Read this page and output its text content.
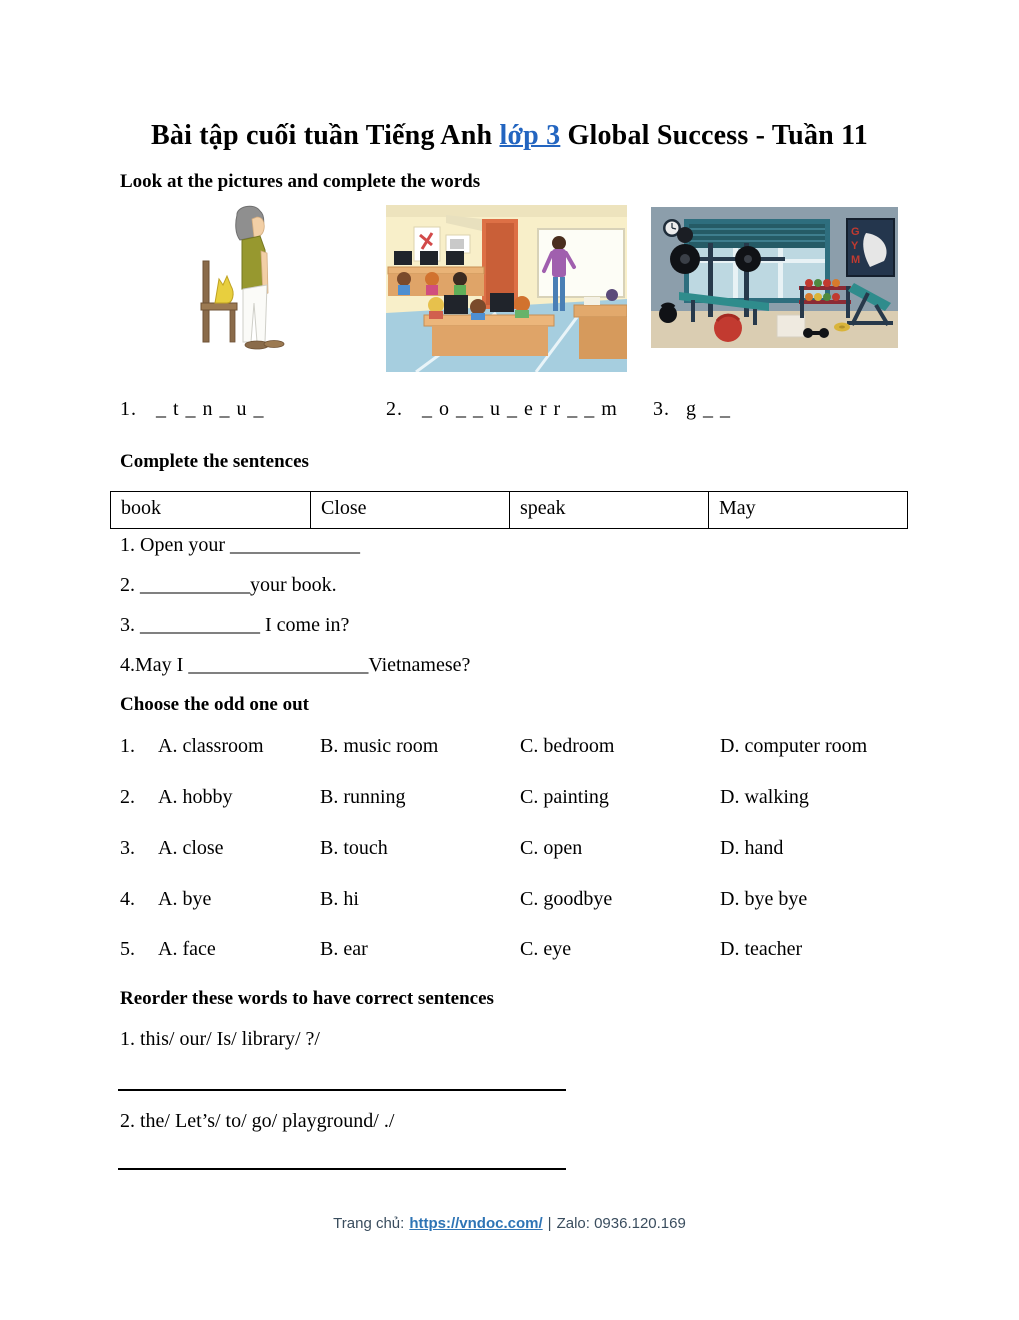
Bài tập cuối tuần Tiếng Anh lớp 3 Global Success - Tuần 11
Look at the pictures and complete the words
G
Y
M
1. _ t _ n _ u _	2. _ o _ _ u _ e r r _ _ m 3. g _ _
Complete the sentences
book	Close	speak	May
1. Open your _____________
2. ___________your book.
3. ____________ I come in?
4.May I __________________Vietnamese?
Choose the odd one out
1. A. classroom	B. music room	C. bedroom	D. computer room
2. A. hobby	B. running	C. painting	D. walking
3. A. close	B. touch	C. open	D. hand
4. A. bye	B. hi	C. goodbye	D. bye bye
5. A. face	B. ear	C. eye	D. teacher
Reorder these words to have correct sentences
1. this/ our/ Is/ library/ ?/
2. the/ Let’s/ to/ go/ playground/ ./
Trang chủ: https://vndoc.com/ | Zalo: 0936.120.169
